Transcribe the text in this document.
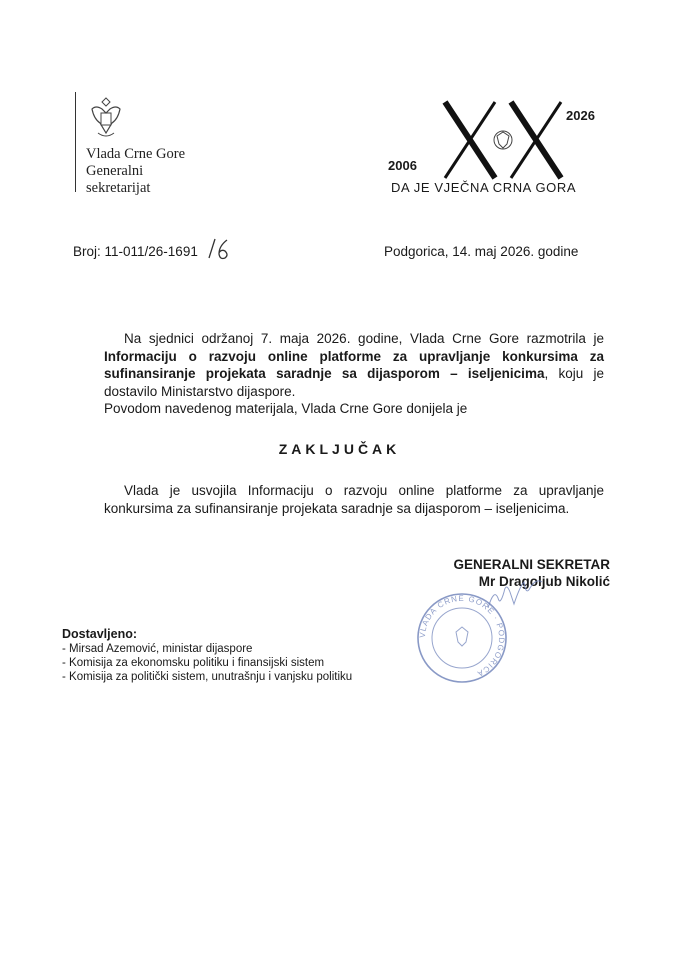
Vlada Crne Gore
Generalni
sekretarijat
2006
2026
DA JE VJEČNA CRNA GORA
Broj: 11-011/26-1691	Podgorica, 14. maj 2026. godine

Na sjednici održanoj 7. maja 2026. godine, Vlada Crne Gore razmotrila je Informaciju o razvoju online platforme za upravljanje konkursima za sufinansiranje projekata saradnje sa dijasporom – iseljenicima, koju je dostavilo Ministarstvo dijaspore.

Povodom navedenog materijala, Vlada Crne Gore donijela je

ZAKLJUČAK
Vlada je usvojila Informaciju o razvoju online platforme za upravljanje konkursima za sufinansiranje projekata saradnje sa dijasporom – iseljenicima.
GENERALNI SEKRETAR
Mr Dragoljub Nikolić
VLADA CRNE GORE · PODGORICA
Dostavljeno:
- Mirsad Azemović, ministar dijaspore
- Komisija za ekonomsku politiku i finansijski sistem
- Komisija za politički sistem, unutrašnju i vanjsku politiku
